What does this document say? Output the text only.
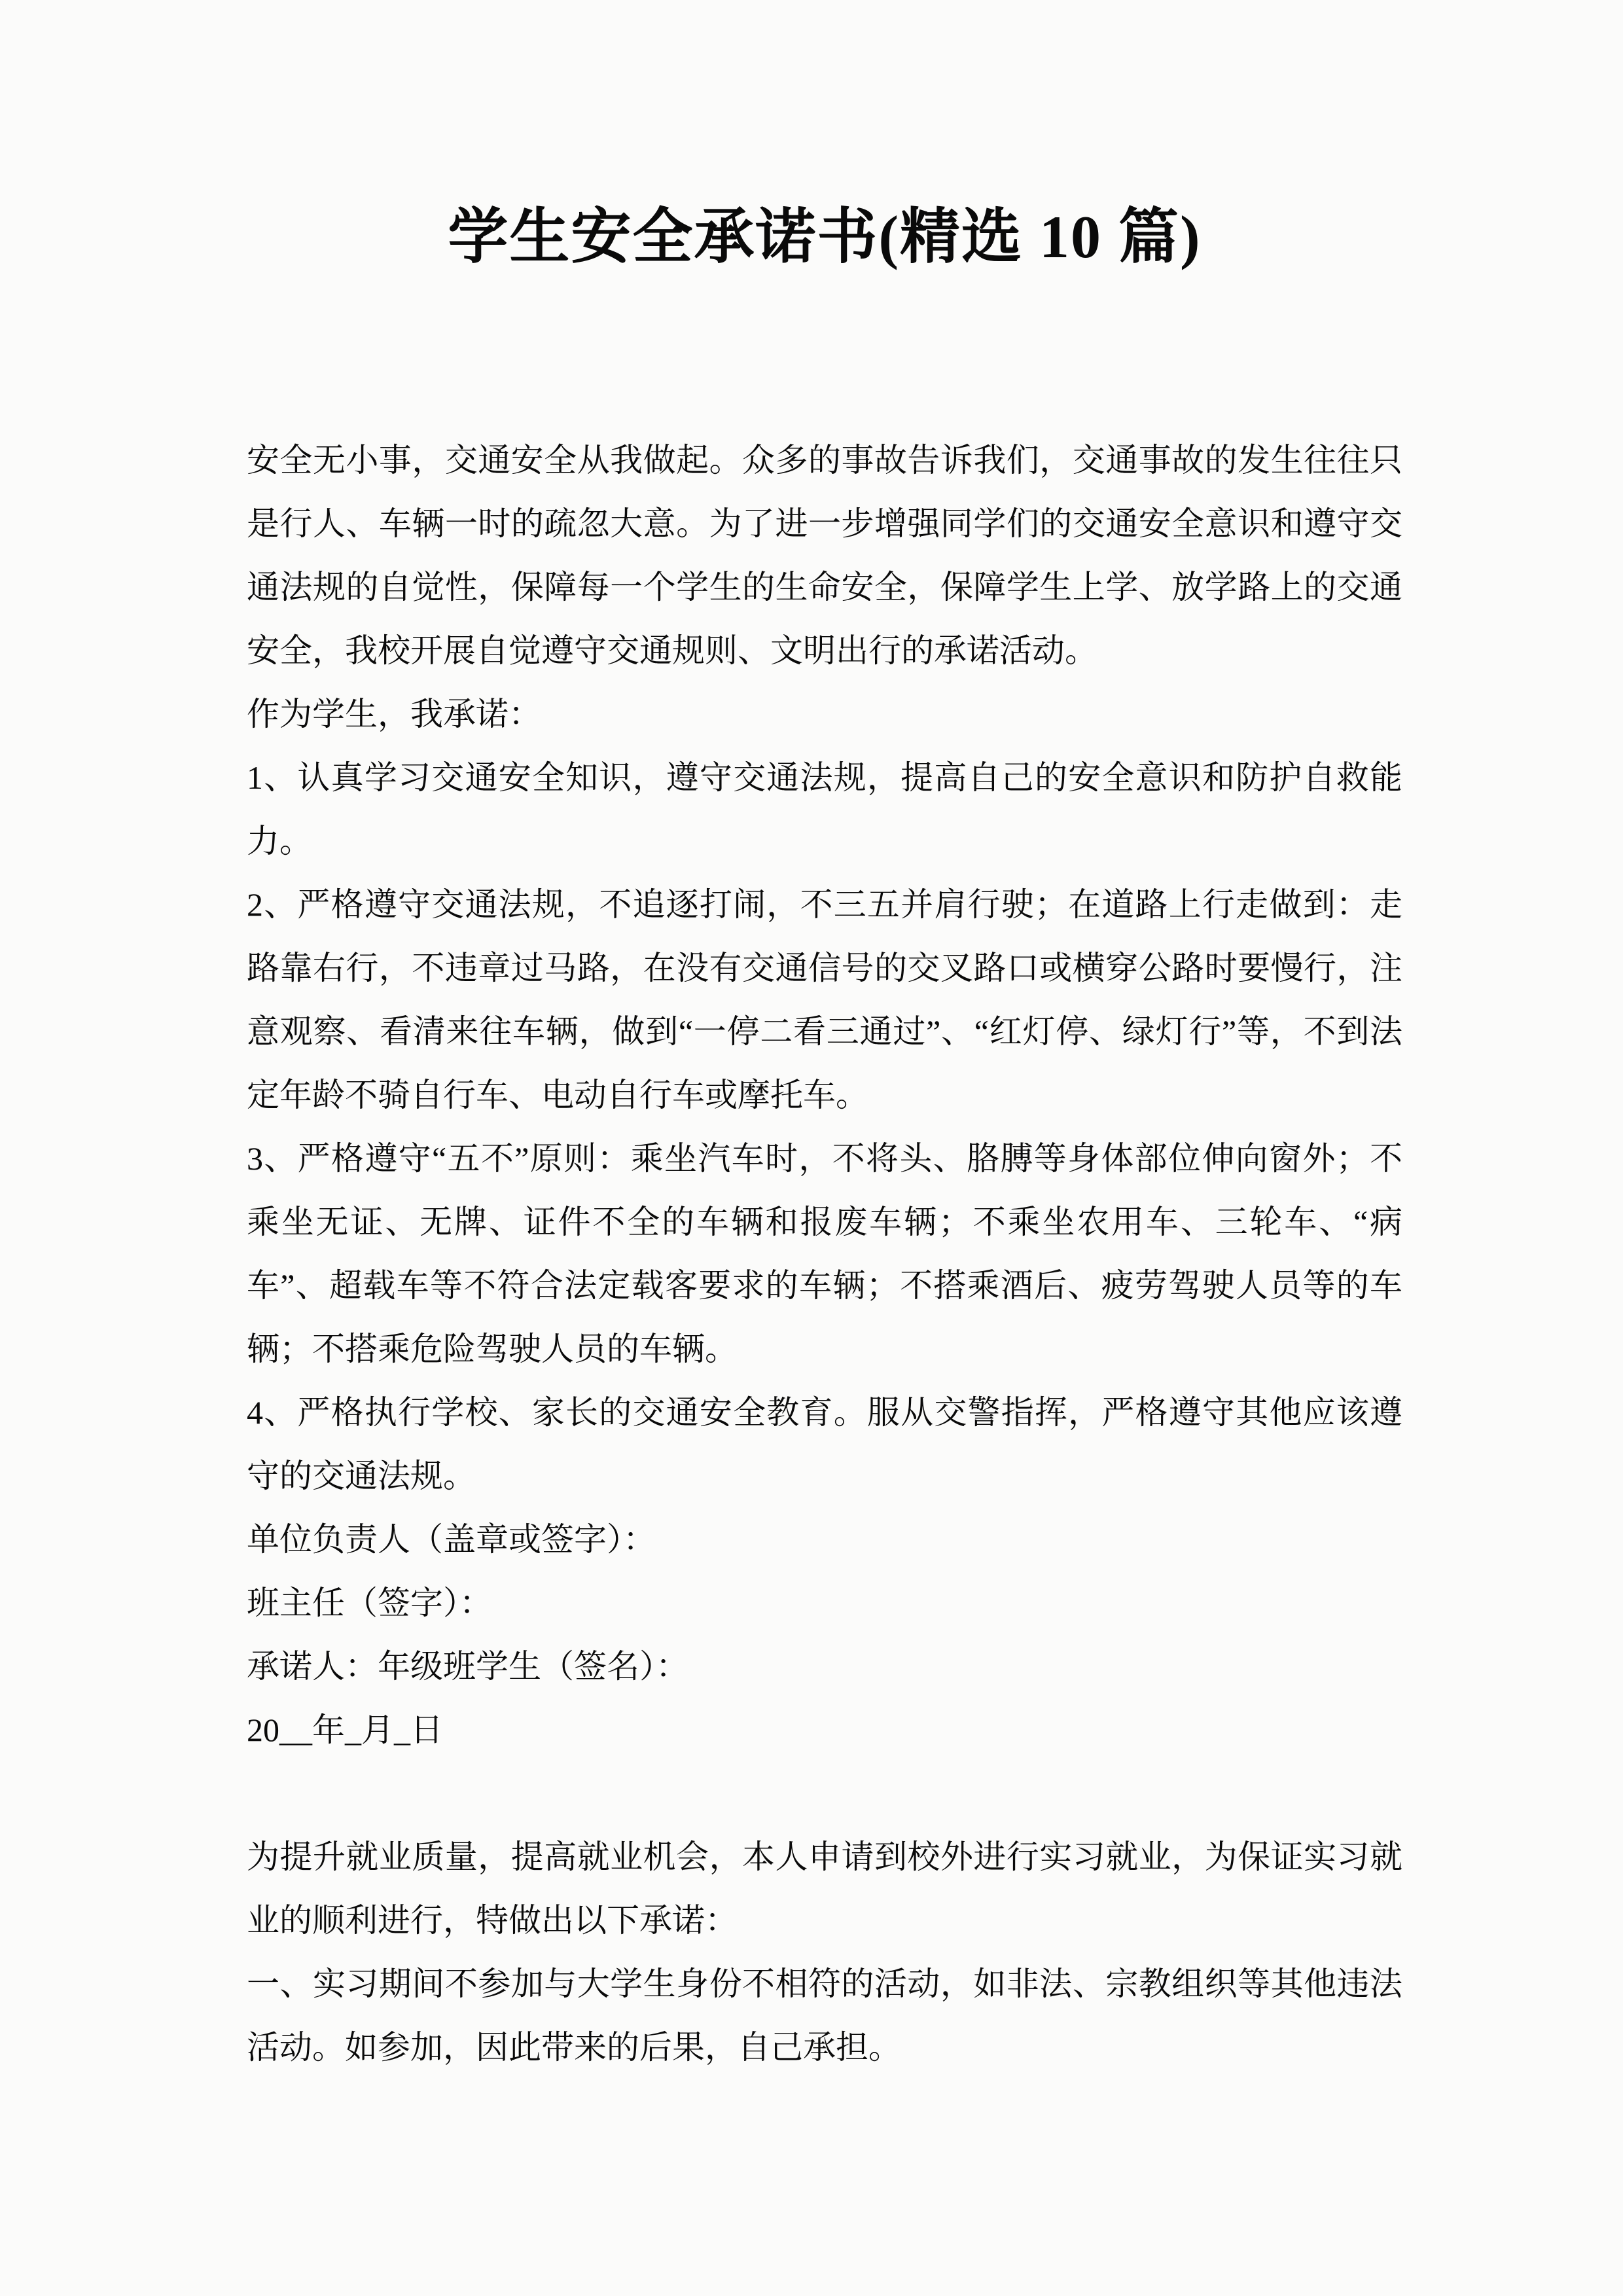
学生安全承诺书(精选 10 篇)

安全无小事，交通安全从我做起。众多的事故告诉我们，交通事故的发生往往只是行人、车辆一时的疏忽大意。为了进一步增强同学们的交通安全意识和遵守交通法规的自觉性，保障每一个学生的生命安全，保障学生上学、放学路上的交通安全，我校开展自觉遵守交通规则、文明出行的承诺活动。

作为学生，我承诺：

1、认真学习交通安全知识，遵守交通法规，提高自己的安全意识和防护自救能力。

2、严格遵守交通法规，不追逐打闹，不三五并肩行驶；在道路上行走做到：走路靠右行，不违章过马路，在没有交通信号的交叉路口或横穿公路时要慢行，注意观察、看清来往车辆，做到“一停二看三通过”、“红灯停、绿灯行”等，不到法定年龄不骑自行车、电动自行车或摩托车。

3、严格遵守“五不”原则：乘坐汽车时，不将头、胳膊等身体部位伸向窗外；不乘坐无证、无牌、证件不全的车辆和报废车辆；不乘坐农用车、三轮车、“病车”、超载车等不符合法定载客要求的车辆；不搭乘酒后、疲劳驾驶人员等的车辆；不搭乘危险驾驶人员的车辆。

4、严格执行学校、家长的交通安全教育。服从交警指挥，严格遵守其他应该遵守的交通法规。

单位负责人（盖章或签字）：

班主任（签字）：

承诺人：年级班学生（签名）：

20__年_月_日

为提升就业质量，提高就业机会，本人申请到校外进行实习就业，为保证实习就业的顺利进行，特做出以下承诺：

一、实习期间不参加与大学生身份不相符的活动，如非法、宗教组织等其他违法活动。如参加，因此带来的后果，自己承担。
